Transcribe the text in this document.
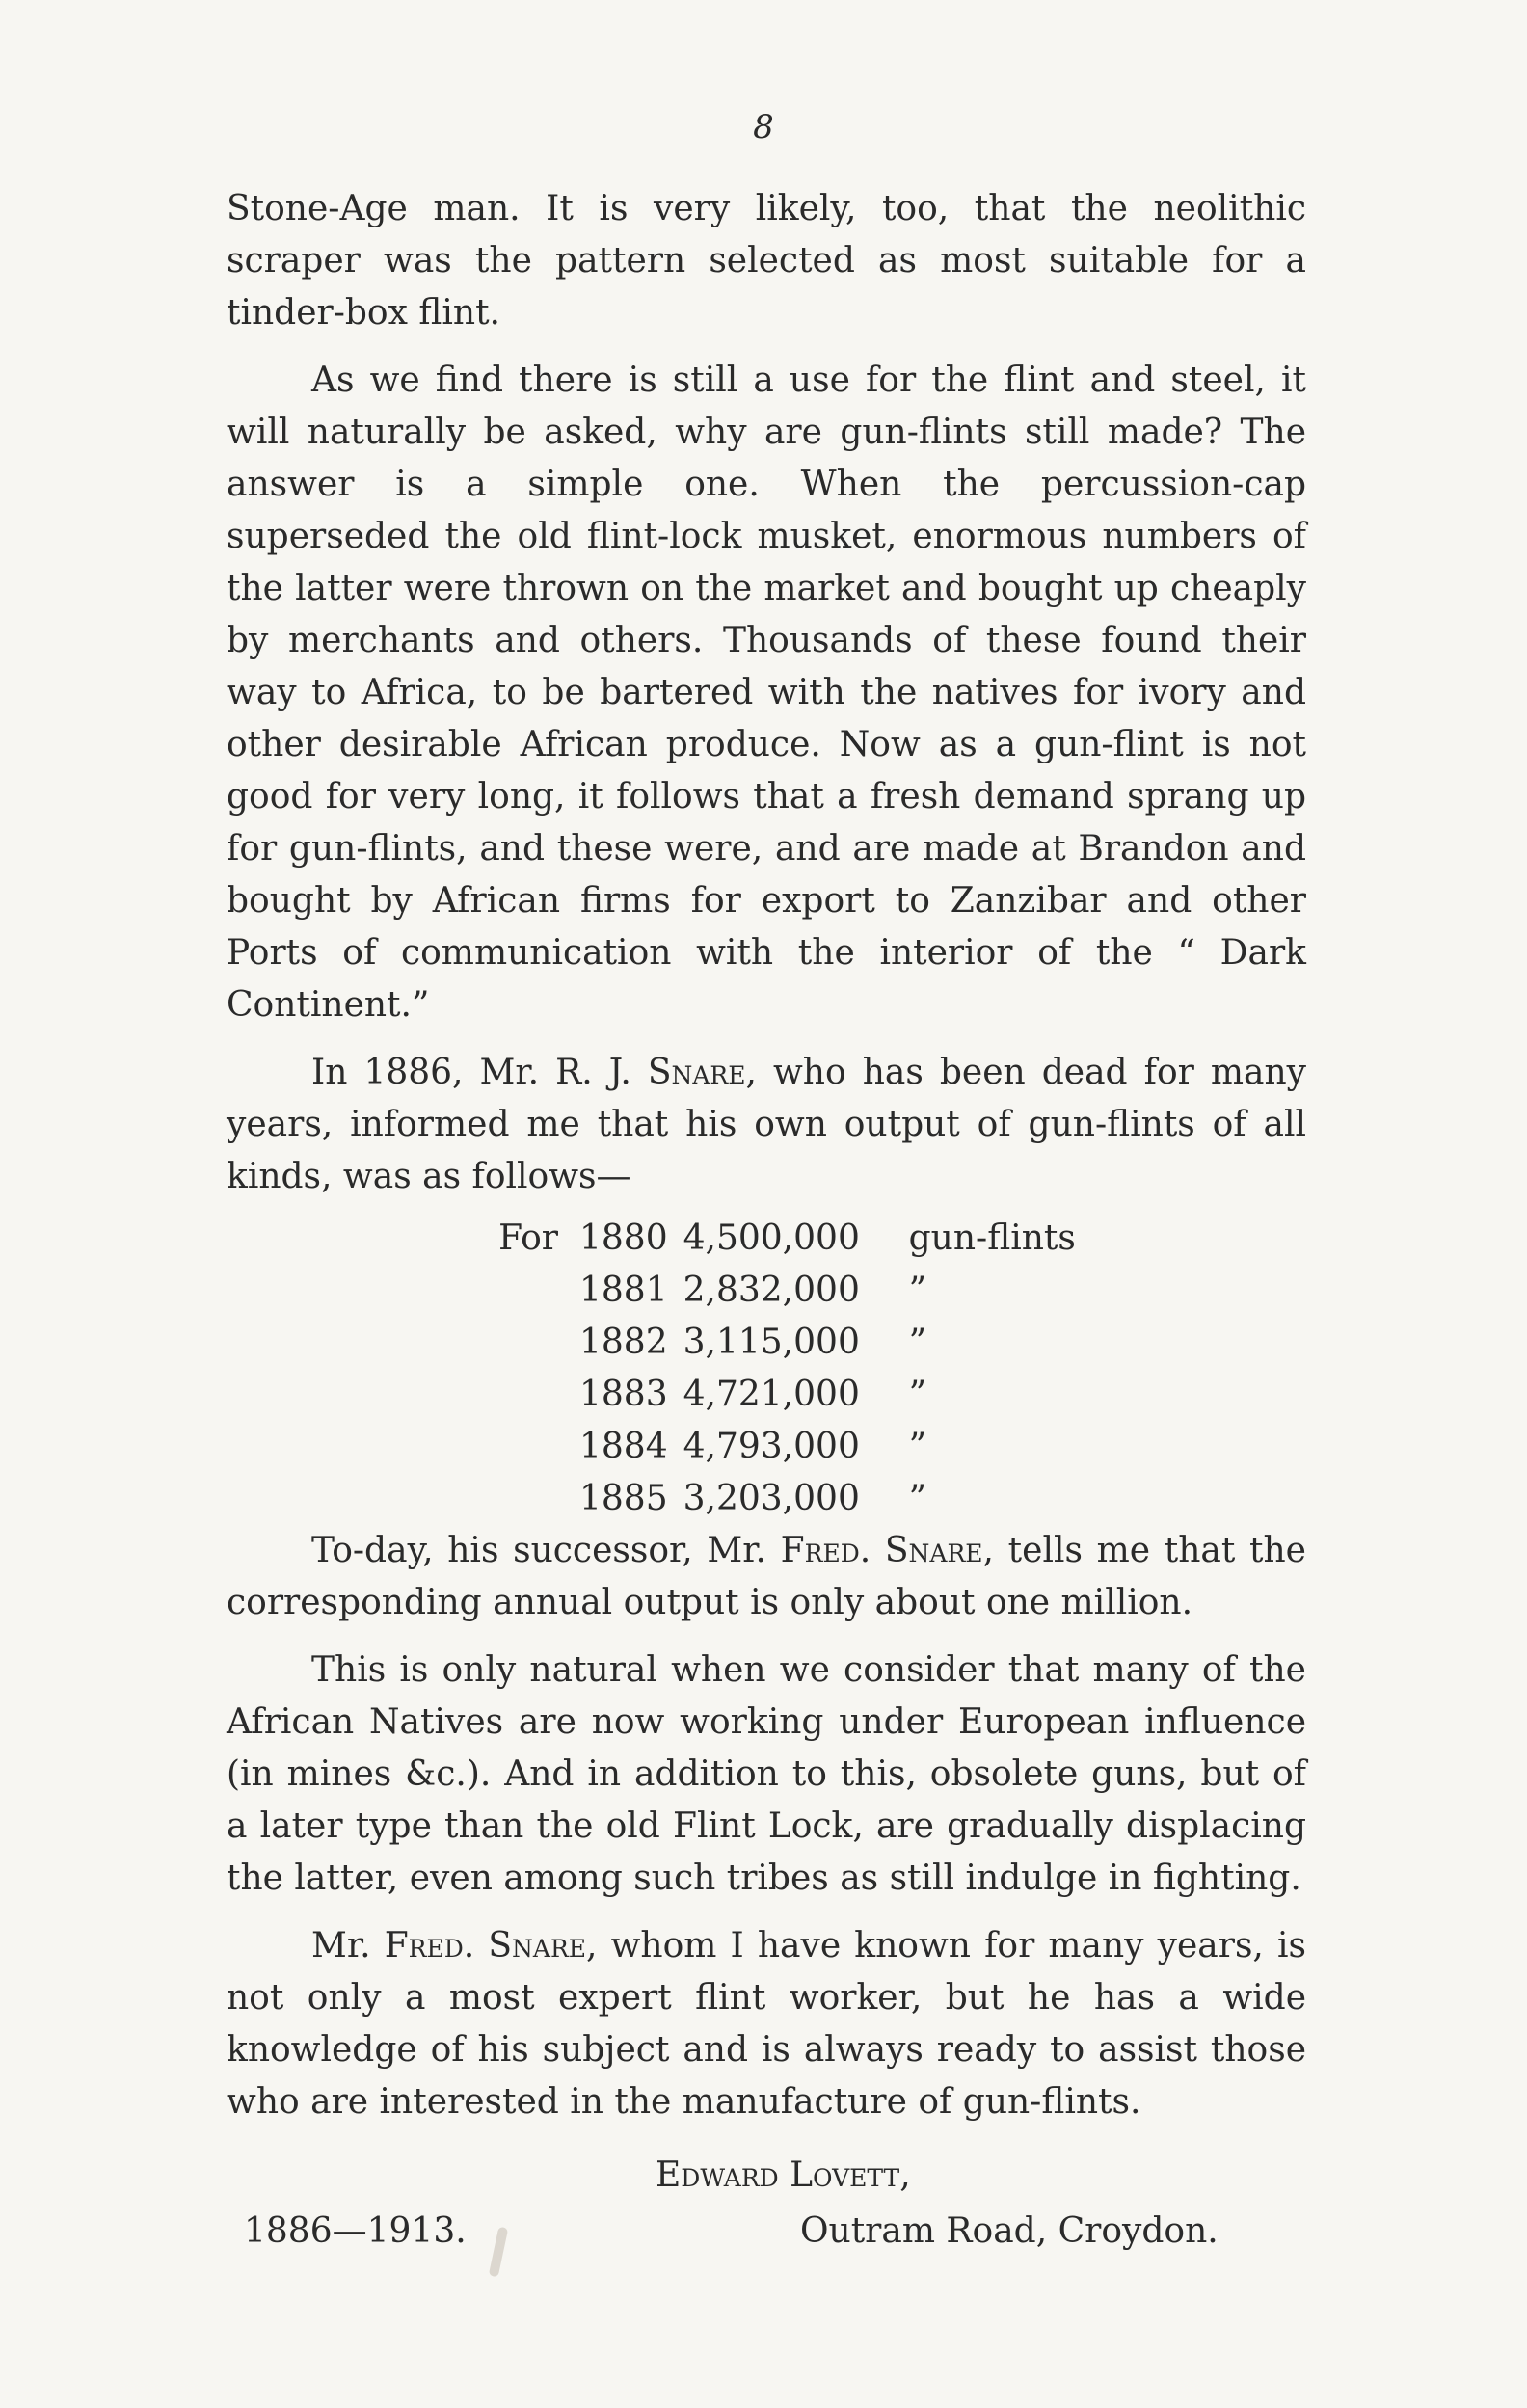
8

Stone-Age man. It is very likely, too, that the neolithic scraper was the pattern selected as most suitable for a tinder-box flint.

As we find there is still a use for the flint and steel, it will naturally be asked, why are gun-flints still made? The answer is a simple one. When the percussion-cap superseded the old flint-lock musket, enormous numbers of the latter were thrown on the market and bought up cheaply by merchants and others. Thousands of these found their way to Africa, to be bartered with the natives for ivory and other desirable African produce. Now as a gun-flint is not good for very long, it follows that a fresh demand sprang up for gun-flints, and these were, and are made at Brandon and bought by African firms for export to Zanzibar and other Ports of communication with the interior of the “ Dark Continent.”

In 1886, Mr. R. J. Snare, who has been dead for many years, informed me that his own output of gun-flints of all kinds, was as follows—

For	1880	4,500,000	gun-flints
	1881	2,832,000	”
	1882	3,115,000	”
	1883	4,721,000	”
	1884	4,793,000	”
	1885	3,203,000	”

To-day, his successor, Mr. Fred. Snare, tells me that the corresponding annual output is only about one million.

This is only natural when we consider that many of the African Natives are now working under European influence (in mines &c.). And in addition to this, obsolete guns, but of a later type than the old Flint Lock, are gradually displacing the latter, even among such tribes as still indulge in fighting.

Mr. Fred. Snare, whom I have known for many years, is not only a most expert flint worker, but he has a wide knowledge of his subject and is always ready to assist those who are interested in the manufacture of gun-flints.

Edward Lovett,
1886—1913.	Outram Road, Croydon.
